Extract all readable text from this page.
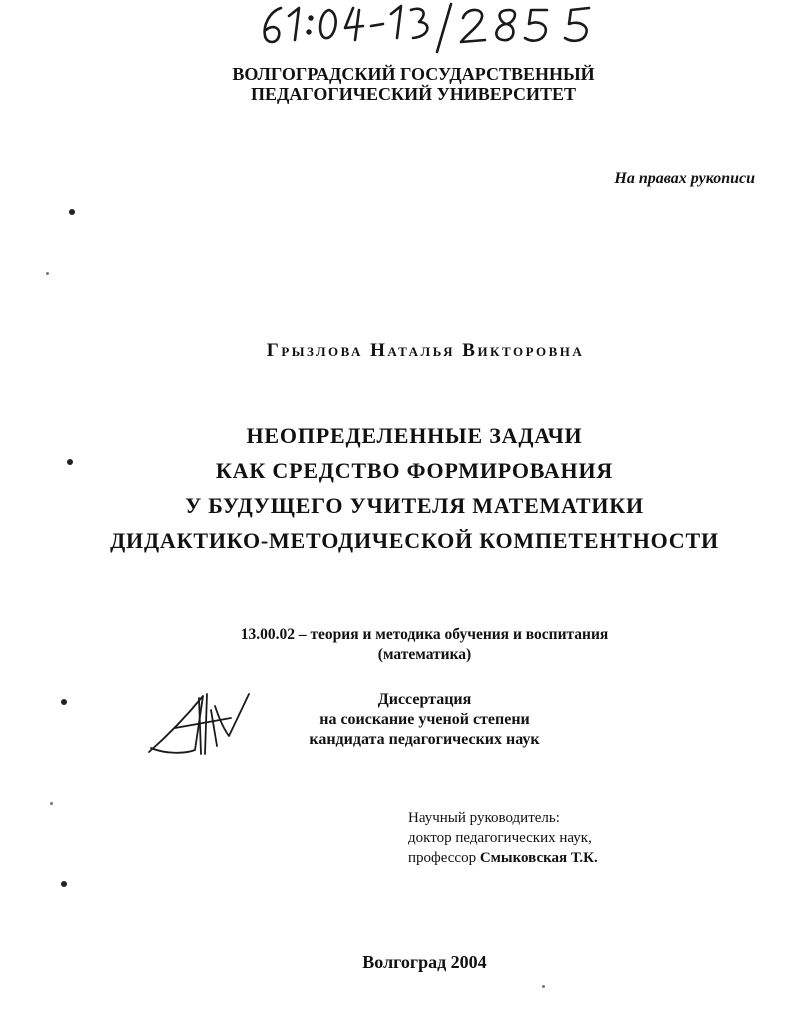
ВОЛГОГРАДСКИЙ ГОСУДАРСТВЕННЫЙ
ПЕДАГОГИЧЕСКИЙ УНИВЕРСИТЕТ
На правах рукописи
Грызлова Наталья Викторовна
НЕОПРЕДЕЛЕННЫЕ ЗАДАЧИ
КАК СРЕДСТВО ФОРМИРОВАНИЯ
У БУДУЩЕГО УЧИТЕЛЯ МАТЕМАТИКИ
ДИДАКТИКО-МЕТОДИЧЕСКОЙ КОМПЕТЕНТНОСТИ
13.00.02 – теория и методика обучения и воспитания
(математика)
Диссертация
на соискание ученой степени
кандидата педагогических наук
Научный руководитель:
доктор педагогических наук,
профессор Смыковская Т.К.
Волгоград 2004
